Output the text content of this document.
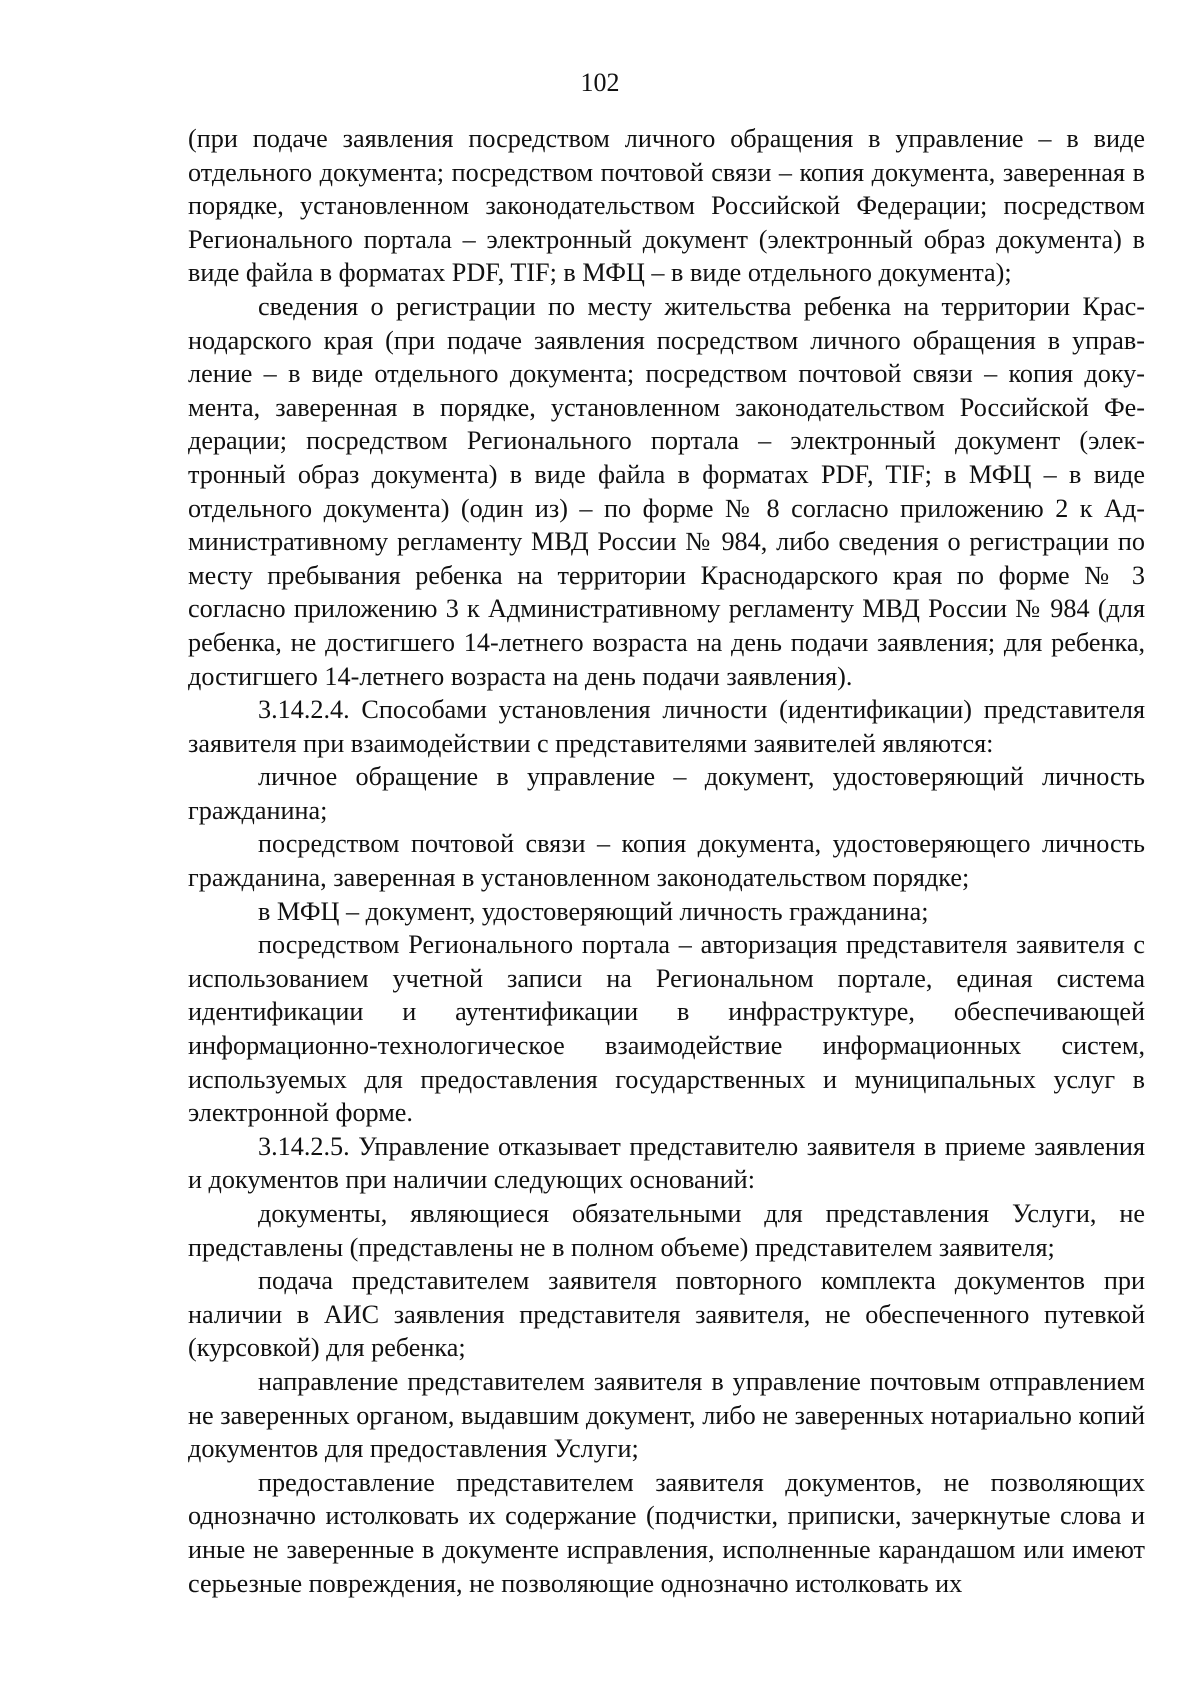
102

(при подаче заявления посредством личного обращения в управление – в виде отдельного документа; посредством почтовой связи – копия документа, заверенная в порядке, установленном законодательством Российской Федерации; посредством Регионального портала – электронный документ (электронный образ документа) в виде файла в форматах PDF, TIF; в МФЦ – в виде отдельного документа);

сведения о регистрации по месту жительства ребенка на территории Краснодарского края (при подаче заявления посредством личного обращения в управление – в виде отдельного документа; посредством почтовой связи – копия документа, заверенная в порядке, установленном законодательством Российской Федерации; посредством Регионального портала – электронный документ (электронный образ документа) в виде файла в форматах PDF, TIF; в МФЦ – в виде отдельного документа) (один из) – по форме № 8 согласно приложению 2 к Административному регламенту МВД России № 984, либо сведения о регистрации по месту пребывания ребенка на территории Краснодарского края по форме № 3 согласно приложению 3 к Административному регламенту МВД России № 984 (для ребенка, не достигшего 14-летнего возраста на день подачи заявления; для ребенка, достигшего 14-летнего возраста на день подачи заявления).

3.14.2.4. Способами установления личности (идентификации) представителя заявителя при взаимодействии с представителями заявителей являются:

личное обращение в управление – документ, удостоверяющий личность гражданина;

посредством почтовой связи – копия документа, удостоверяющего личность гражданина, заверенная в установленном законодательством порядке;

в МФЦ – документ, удостоверяющий личность гражданина;

посредством Регионального портала – авторизация представителя заявителя с использованием учетной записи на Региональном портале, единая система идентификации и аутентификации в инфраструктуре, обеспечивающей информационно-технологическое взаимодействие информационных систем, используемых для предоставления государственных и муниципальных услуг в электронной форме.

3.14.2.5. Управление отказывает представителю заявителя в приеме заявления и документов при наличии следующих оснований:

документы, являющиеся обязательными для представления Услуги, не представлены (представлены не в полном объеме) представителем заявителя;

подача представителем заявителя повторного комплекта документов при наличии в АИС заявления представителя заявителя, не обеспеченного путевкой (курсовкой) для ребенка;

направление представителем заявителя в управление почтовым отправлением не заверенных органом, выдавшим документ, либо не заверенных нотариально копий документов для предоставления Услуги;

предоставление представителем заявителя документов, не позволяющих однозначно истолковать их содержание (подчистки, приписки, зачеркнутые слова и иные не заверенные в документе исправления, исполненные карандашом или имеют серьезные повреждения, не позволяющие однозначно истолковать их
